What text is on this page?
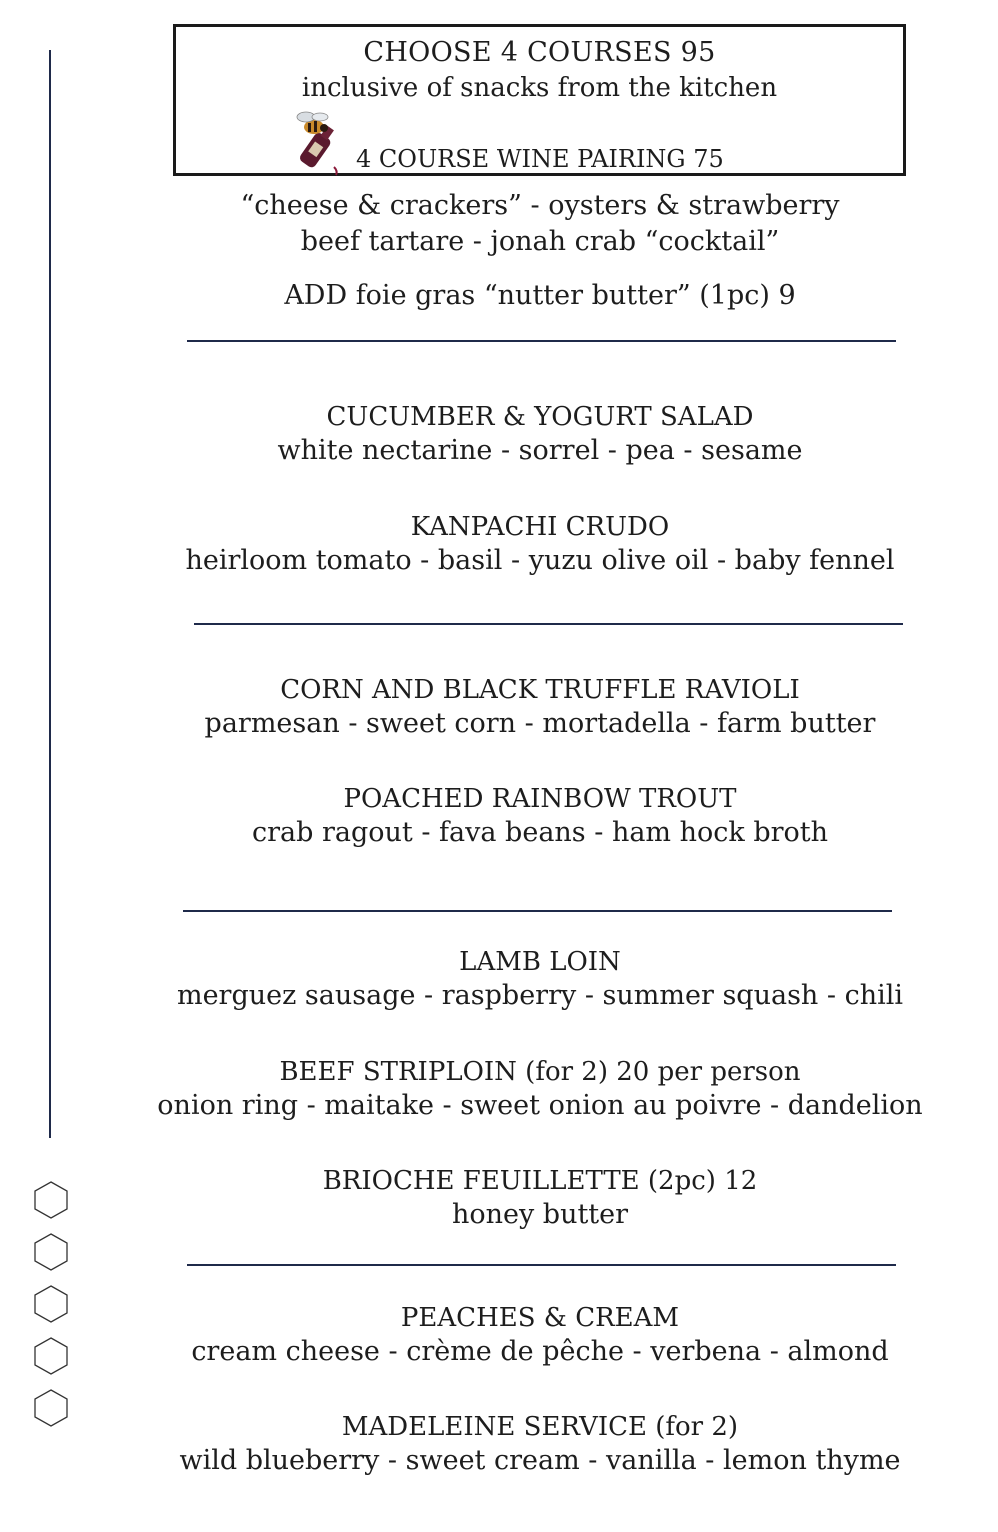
CHOOSE 4 COURSES 95
inclusive of snacks from the kitchen
4 COURSE WINE PAIRING 75
“cheese & crackers” - oysters & strawberry
beef tartare - jonah crab “cocktail”
ADD foie gras “nutter butter” (1pc) 9
CUCUMBER & YOGURT SALAD
white nectarine - sorrel - pea - sesame
KANPACHI CRUDO
heirloom tomato - basil - yuzu olive oil - baby fennel
CORN AND BLACK TRUFFLE RAVIOLI
parmesan - sweet corn - mortadella - farm butter
POACHED RAINBOW TROUT
crab ragout - fava beans - ham hock broth
LAMB LOIN
merguez sausage - raspberry - summer squash - chili
BEEF STRIPLOIN (for 2) 20 per person
onion ring - maitake - sweet onion au poivre - dandelion
BRIOCHE FEUILLETTE (2pc) 12
honey butter
PEACHES & CREAM
cream cheese - crème de pêche - verbena - almond
MADELEINE SERVICE (for 2)
wild blueberry - sweet cream - vanilla - lemon thyme
